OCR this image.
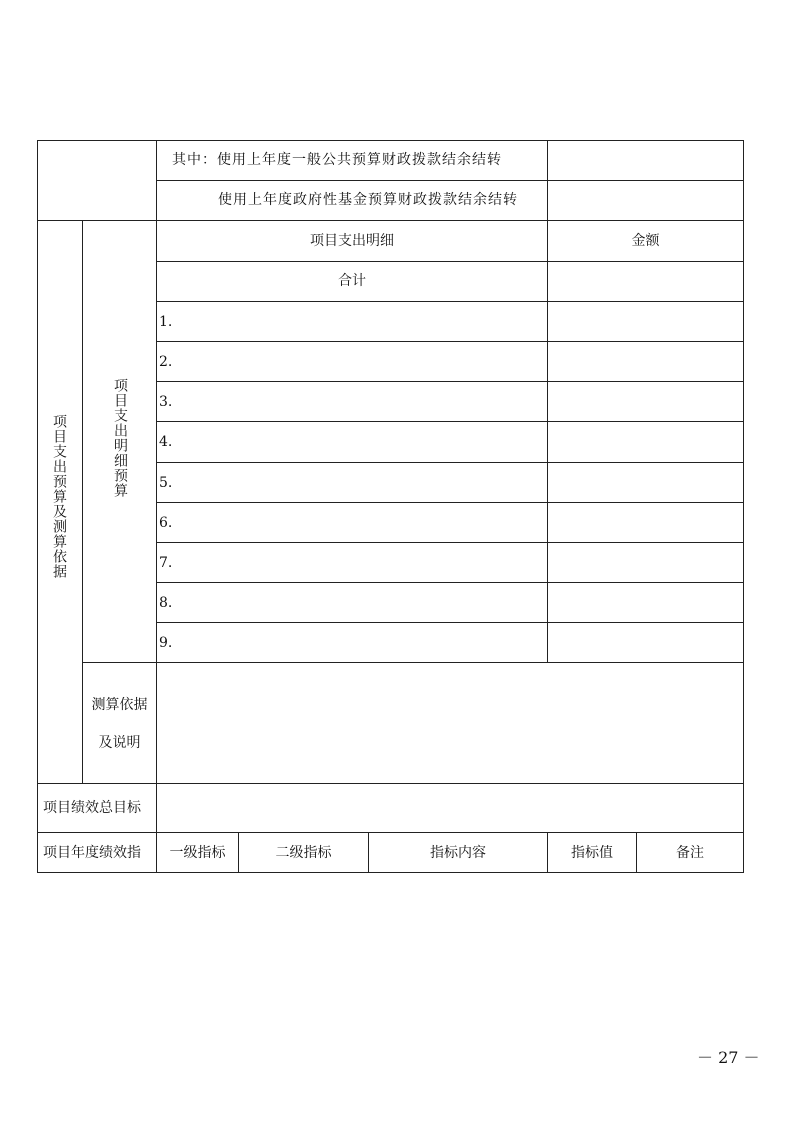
其中：使用上年度一般公共预算财政拨款结余结转
使用上年度政府性基金预算财政拨款结余结转
项目支出预算及测算依据	项目支出明细预算
项目支出明细	金额
合计
1.
2.
3.
4.
5.
6.
7.
8.
9.
测算依据
及说明
项目绩效总目标
项目年度绩效指	一级指标	二级指标	指标内容	指标值	备注
－ 27 －
